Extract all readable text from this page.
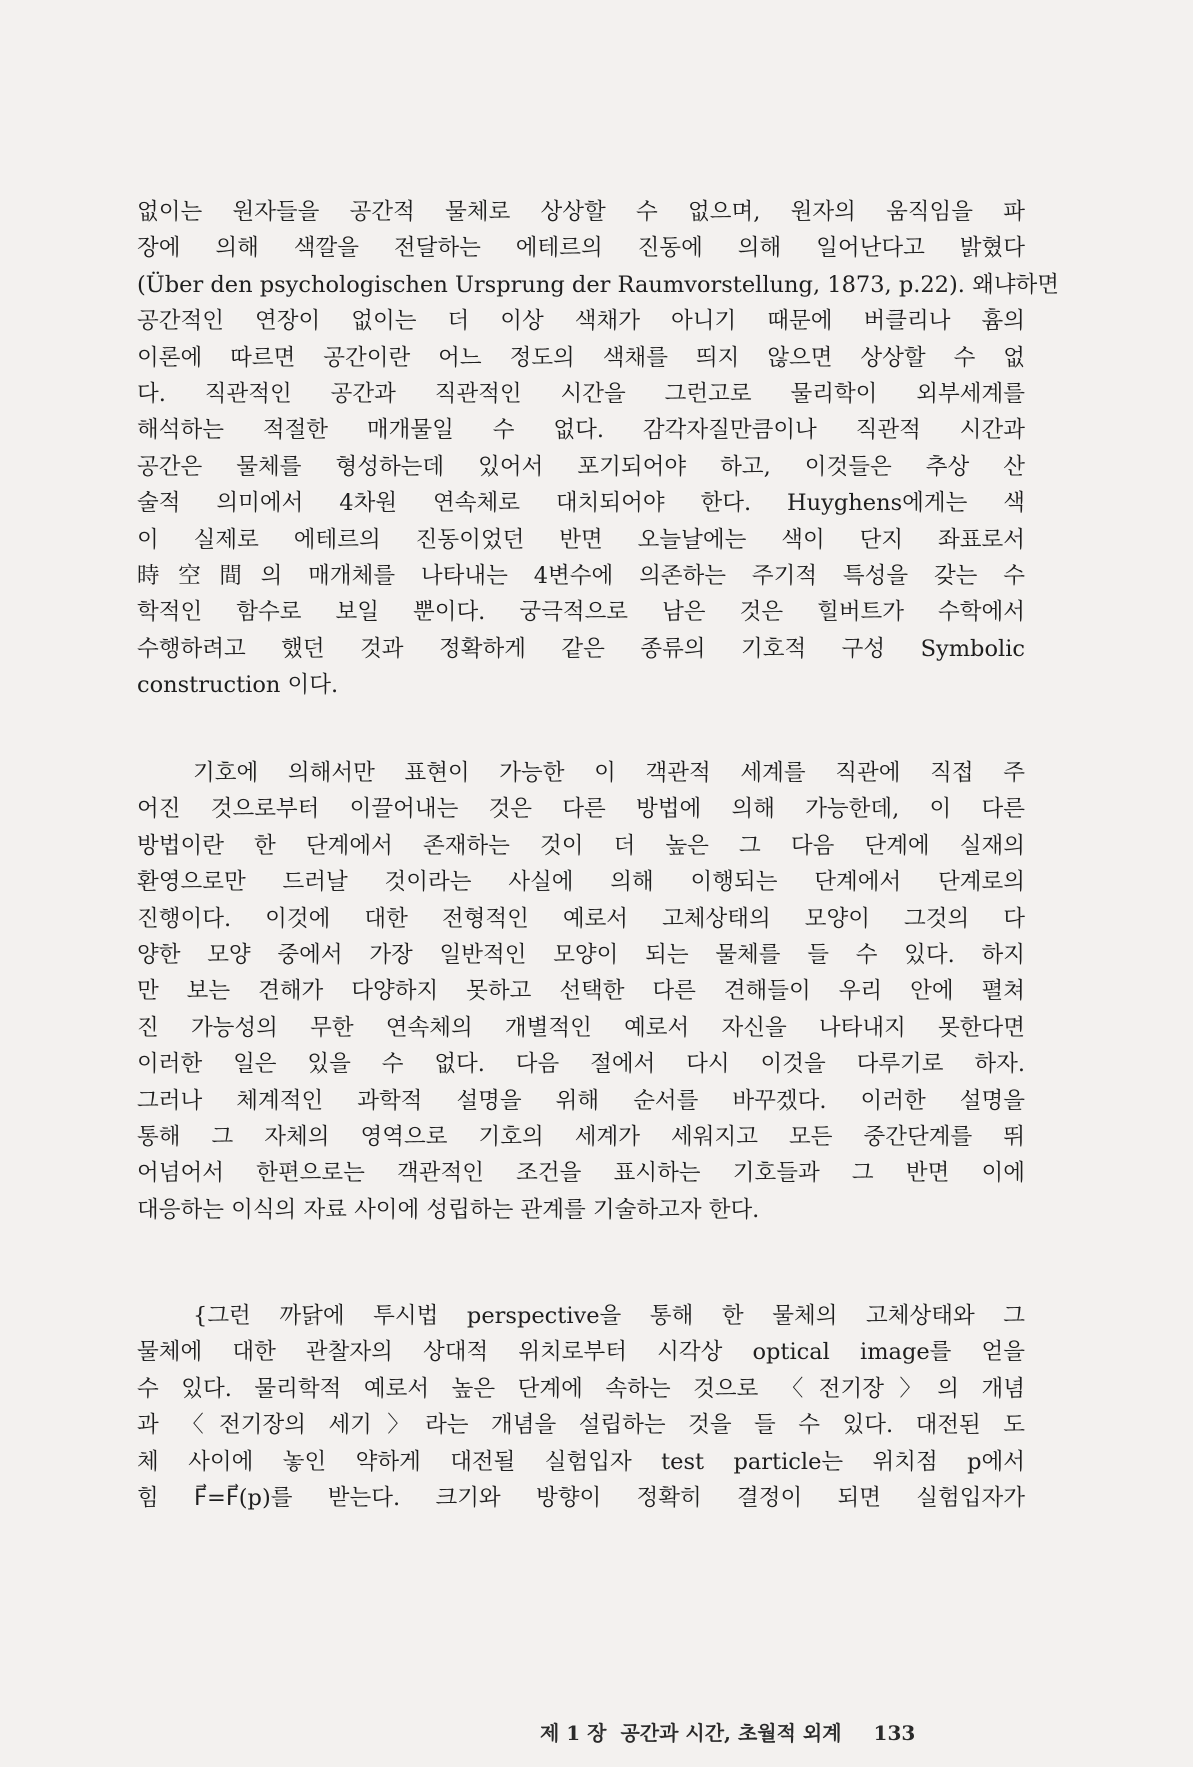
없이는 원자들을 공간적 물체로 상상할 수 없으며, 원자의 움직임을 파
장에 의해 색깔을 전달하는 에테르의 진동에 의해 일어난다고 밝혔다
(Über den psychologischen Ursprung der Raumvorstellung, 1873, p.22). 왜냐하면
공간적인 연장이 없이는 더 이상 색채가 아니기 때문에 버클리나 흄의
이론에 따르면 공간이란 어느 정도의 색채를 띄지 않으면 상상할 수 없
다. 직관적인 공간과 직관적인 시간을 그런고로 물리학이 외부세계를
해석하는 적절한 매개물일 수 없다. 감각자질만큼이나 직관적 시간과
공간은 물체를 형성하는데 있어서 포기되어야 하고, 이것들은 추상 산
술적 의미에서 4차원 연속체로 대치되어야 한다. Huyghens에게는 색
이 실제로 에테르의 진동이었던 반면 오늘날에는 색이 단지 좌표로서
時空間의 매개체를 나타내는 4변수에 의존하는 주기적 특성을 갖는 수
학적인 함수로 보일 뿐이다. 궁극적으로 남은 것은 힐버트가 수학에서
수행하려고 했던 것과 정확하게 같은 종류의 기호적 구성 Symbolic
construction 이다.
기호에 의해서만 표현이 가능한 이 객관적 세계를 직관에 직접 주
어진 것으로부터 이끌어내는 것은 다른 방법에 의해 가능한데, 이 다른
방법이란 한 단계에서 존재하는 것이 더 높은 그 다음 단계에 실재의
환영으로만 드러날 것이라는 사실에 의해 이행되는 단계에서 단계로의
진행이다. 이것에 대한 전형적인 예로서 고체상태의 모양이 그것의 다
양한 모양 중에서 가장 일반적인 모양이 되는 물체를 들 수 있다. 하지
만 보는 견해가 다양하지 못하고 선택한 다른 견해들이 우리 안에 펼쳐
진 가능성의 무한 연속체의 개별적인 예로서 자신을 나타내지 못한다면
이러한 일은 있을 수 없다. 다음 절에서 다시 이것을 다루기로 하자.
그러나 체계적인 과학적 설명을 위해 순서를 바꾸겠다. 이러한 설명을
통해 그 자체의 영역으로 기호의 세계가 세워지고 모든 중간단계를 뛰
어넘어서 한편으로는 객관적인 조건을 표시하는 기호들과 그 반면 이에
대응하는 이식의 자료 사이에 성립하는 관계를 기술하고자 한다.
{그런 까닭에 투시법 perspective을 통해 한 물체의 고체상태와 그
물체에 대한 관찰자의 상대적 위치로부터 시각상 optical image를 얻을
수 있다. 물리학적 예로서 높은 단계에 속하는 것으로 〈전기장〉의 개념
과 〈전기장의 세기〉라는 개념을 설립하는 것을 들 수 있다. 대전된 도
체 사이에 놓인 약하게 대전될 실험입자 test particle는 위치점 p에서
힘 F⃗=F⃗(p)를 받는다. 크기와 방향이 정확히 결정이 되면 실험입자가
제 1 장 공간과 시간, 초월적 외계 133
